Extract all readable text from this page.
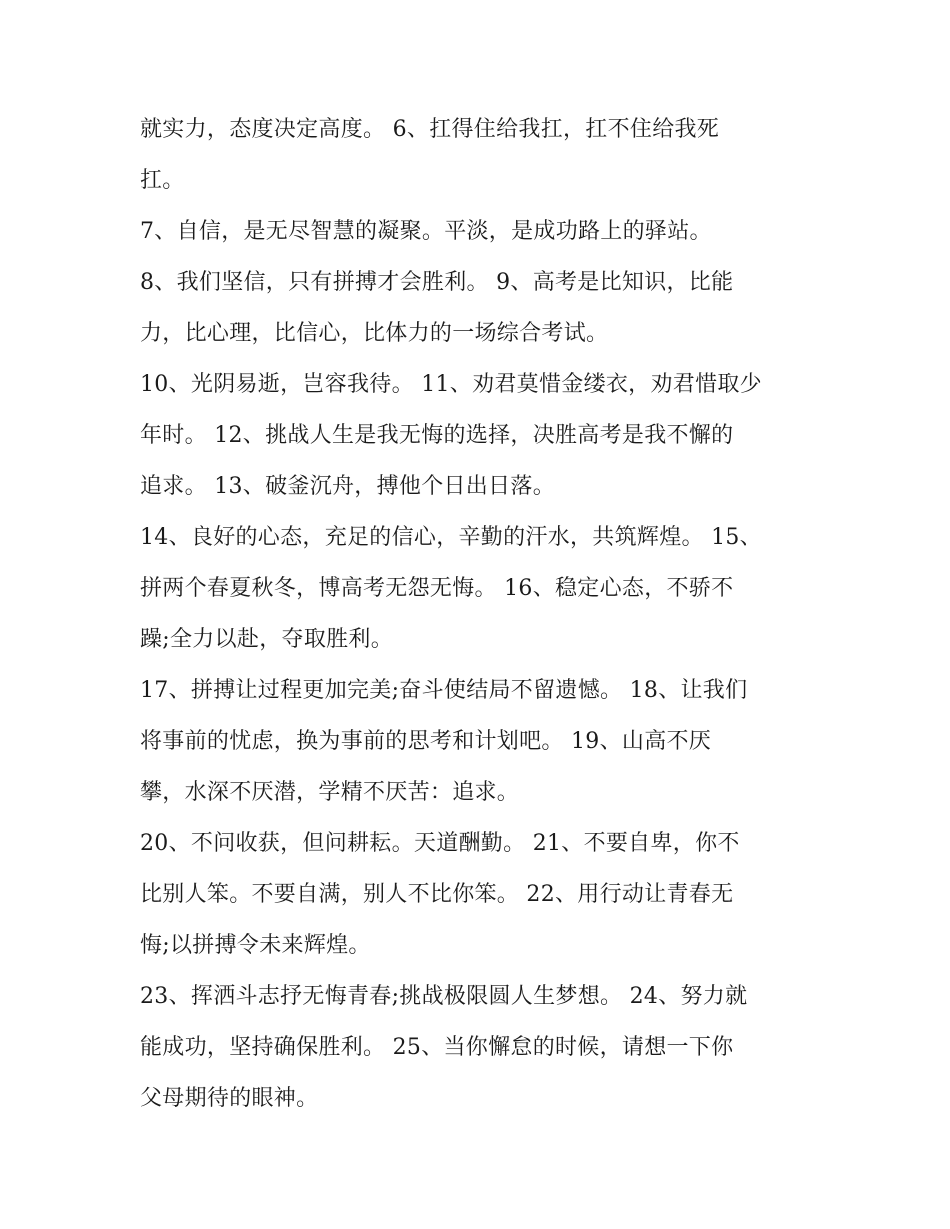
就实力，态度决定高度。 6、扛得住给我扛，扛不住给我死
扛。
7、自信，是无尽智慧的凝聚。平淡，是成功路上的驿站。
8、我们坚信，只有拼搏才会胜利。 9、高考是比知识，比能
力，比心理，比信心，比体力的一场综合考试。
10、光阴易逝，岂容我待。 11、劝君莫惜金缕衣，劝君惜取少
年时。 12、挑战人生是我无悔的选择，决胜高考是我不懈的
追求。 13、破釜沉舟，搏他个日出日落。
14、良好的心态，充足的信心，辛勤的汗水，共筑辉煌。 15、
拼两个春夏秋冬，博高考无怨无悔。 16、稳定心态，不骄不
躁;全力以赴，夺取胜利。
17、拼搏让过程更加完美;奋斗使结局不留遗憾。 18、让我们
将事前的忧虑，换为事前的思考和计划吧。 19、山高不厌
攀，水深不厌潜，学精不厌苦：追求。
20、不问收获，但问耕耘。天道酬勤。 21、不要自卑，你不
比别人笨。不要自满，别人不比你笨。 22、用行动让青春无
悔;以拼搏令未来辉煌。
23、挥洒斗志抒无悔青春;挑战极限圆人生梦想。 24、努力就
能成功，坚持确保胜利。 25、当你懈怠的时候，请想一下你
父母期待的眼神。
